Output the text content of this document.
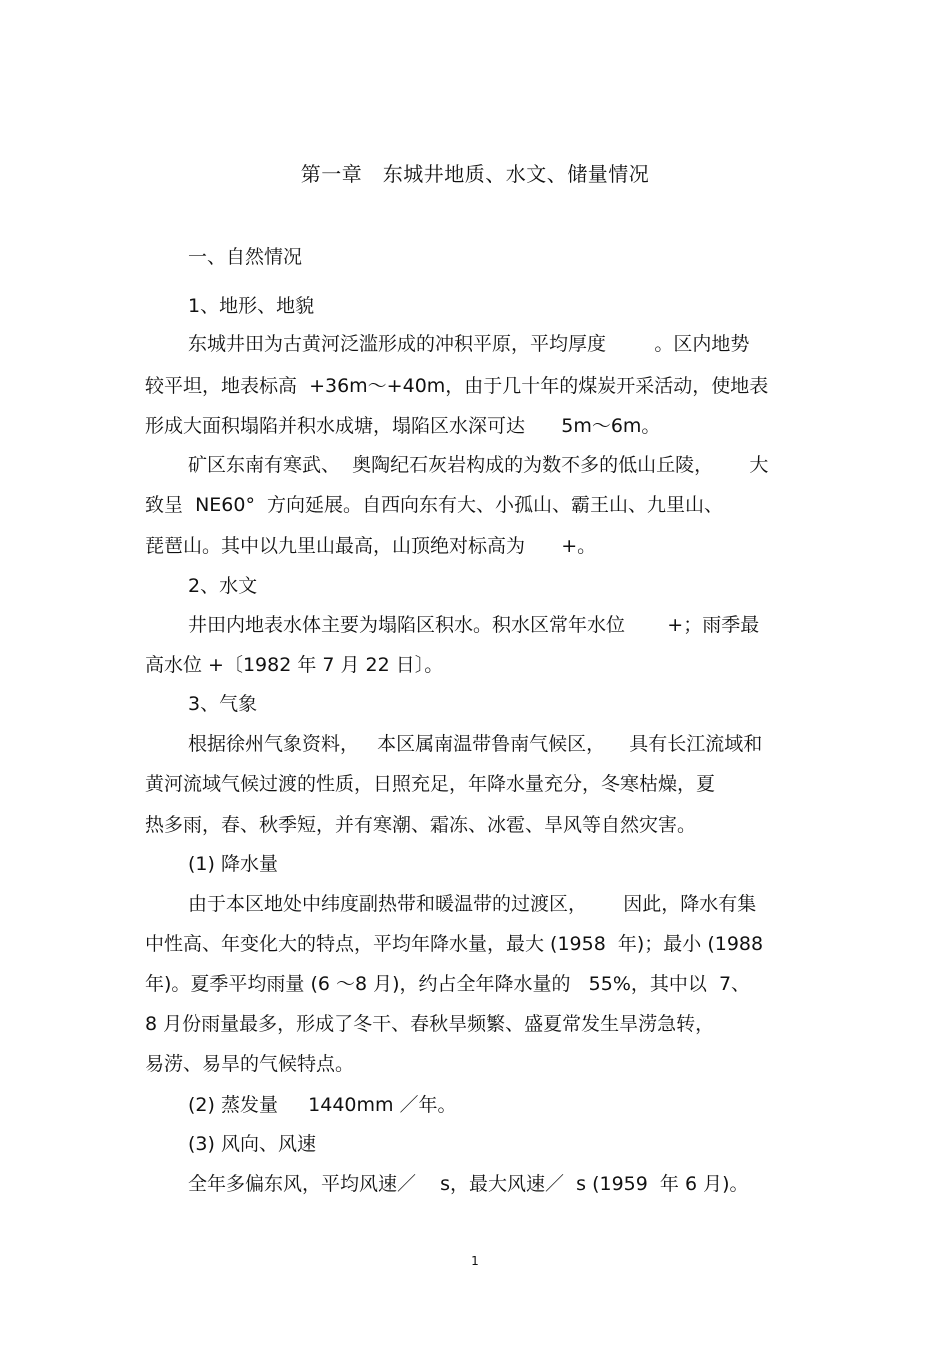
第一章   东城井地质、水文、储量情况
一、自然情况
1、地形、地貌
东城井田为古黄河泛滥形成的冲积平原，平均厚度        。区内地势
较平坦，地表标高  +36m～+40m，由于几十年的煤炭开采活动，使地表
形成大面积塌陷并积水成塘，塌陷区水深可达      5m～6m。
矿区东南有寒武、  奥陶纪石灰岩构成的为数不多的低山丘陵，      大
致呈  NE60°  方向延展。自西向东有大、小孤山、霸王山、九里山、
琵琶山。其中以九里山最高，山顶绝对标高为      +。
2、水文
井田内地表水体主要为塌陷区积水。积水区常年水位       +；雨季最
高水位 +〔1982 年 7 月 22 日〕。
3、气象
根据徐州气象资料，   本区属南温带鲁南气候区，    具有长江流域和
黄河流域气候过渡的性质，日照充足，年降水量充分，冬寒枯燥，夏
热多雨，春、秋季短，并有寒潮、霜冻、冰雹、旱风等自然灾害。
(1) 降水量
由于本区地处中纬度副热带和暖温带的过渡区，      因此，降水有集
中性高、年变化大的特点，平均年降水量，最大 (1958  年)；最小 (1988
年)。夏季平均雨量 (6 ～8 月)，约占全年降水量的   55%，其中以  7、
8 月份雨量最多，形成了冬干、春秋旱频繁、盛夏常发生旱涝急转，
易涝、易旱的气候特点。
(2) 蒸发量     1440mm ／年。
(3) 风向、风速
全年多偏东风，平均风速／    s，最大风速／  s (1959  年 6 月)。
1
